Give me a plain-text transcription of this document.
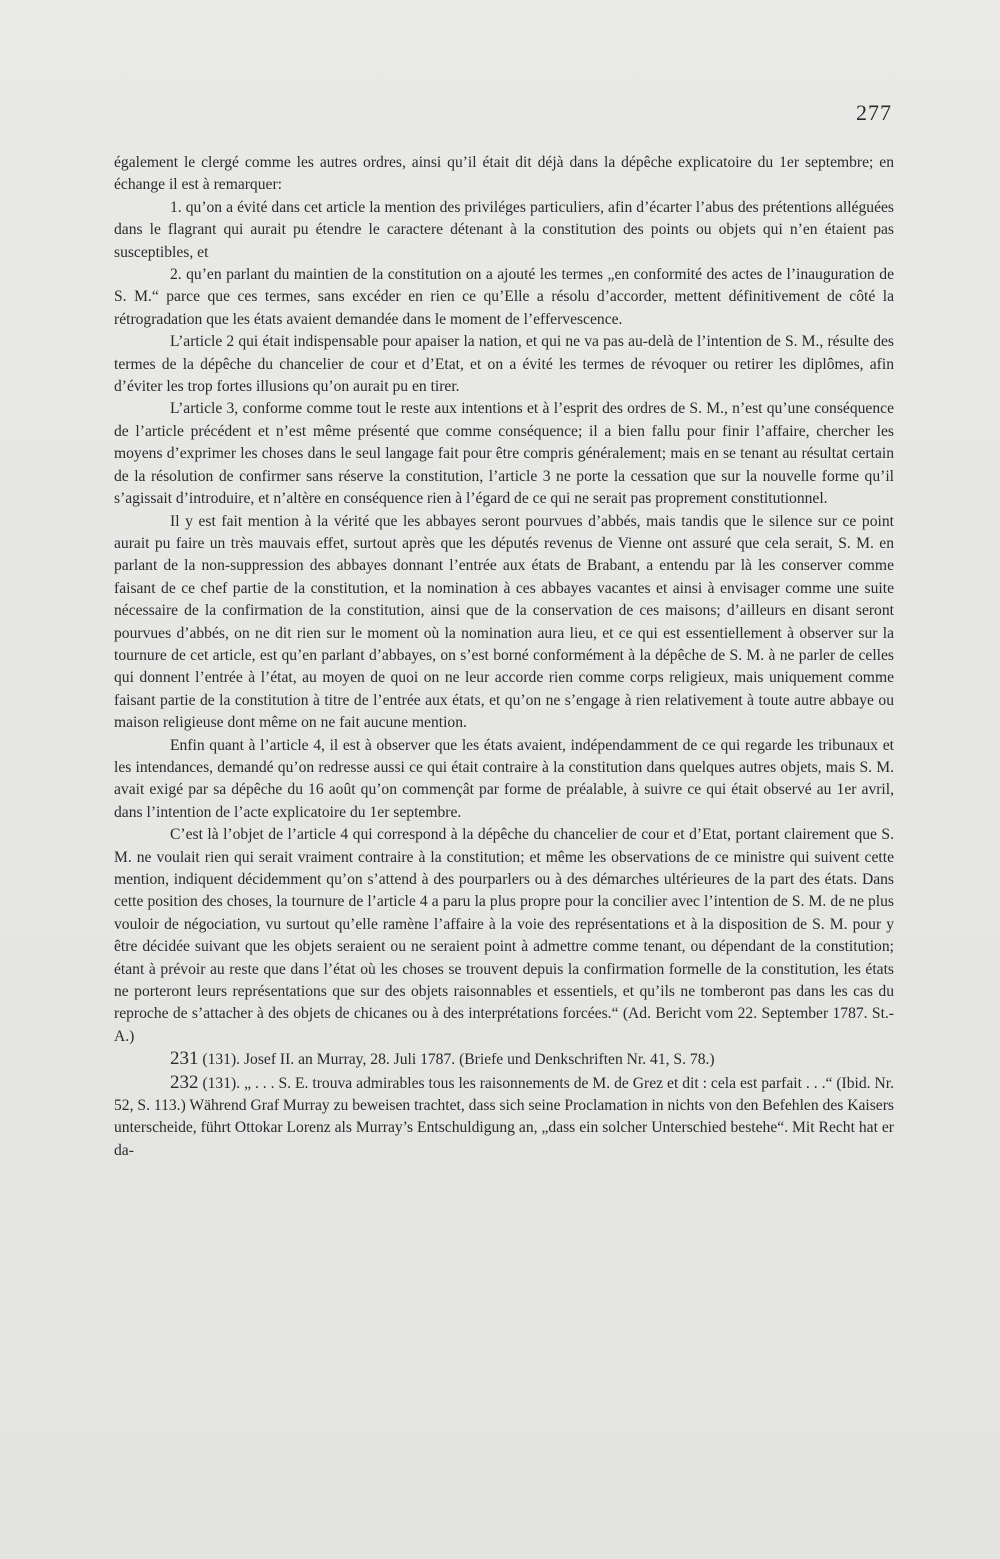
277

également le clergé comme les autres ordres, ainsi qu’il était dit déjà dans la dépêche explicatoire du 1er septembre; en échange il est à remarquer:

1. qu’on a évité dans cet article la mention des priviléges particuliers, afin d’écarter l’abus des prétentions alléguées dans le flagrant qui aurait pu étendre le caractere détenant à la constitution des points ou objets qui n’en étaient pas susceptibles, et

2. qu’en parlant du maintien de la constitution on a ajouté les termes „en conformité des actes de l’inauguration de S. M.“ parce que ces termes, sans excéder en rien ce qu’Elle a résolu d’accorder, mettent définitivement de côté la rétrogradation que les états avaient demandée dans le moment de l’effervescence.

L’article 2 qui était indispensable pour apaiser la nation, et qui ne va pas au-delà de l’intention de S. M., résulte des termes de la dépêche du chancelier de cour et d’Etat, et on a évité les termes de révoquer ou retirer les diplômes, afin d’éviter les trop fortes illusions qu’on aurait pu en tirer.

L’article 3, conforme comme tout le reste aux intentions et à l’esprit des ordres de S. M., n’est qu’une conséquence de l’article précédent et n’est même présenté que comme conséquence; il a bien fallu pour finir l’affaire, chercher les moyens d’exprimer les choses dans le seul langage fait pour être compris généralement; mais en se tenant au résultat certain de la résolution de confirmer sans réserve la constitution, l’article 3 ne porte la cessation que sur la nouvelle forme qu’il s’agissait d’introduire, et n’altère en conséquence rien à l’égard de ce qui ne serait pas proprement constitutionnel.

Il y est fait mention à la vérité que les abbayes seront pourvues d’abbés, mais tandis que le silence sur ce point aurait pu faire un très mauvais effet, surtout après que les députés revenus de Vienne ont assuré que cela serait, S. M. en parlant de la non-suppression des abbayes donnant l’entrée aux états de Brabant, a entendu par là les conserver comme faisant de ce chef partie de la constitution, et la nomination à ces abbayes vacantes et ainsi à envisager comme une suite nécessaire de la confirmation de la constitution, ainsi que de la conservation de ces maisons; d’ailleurs en disant seront pourvues d’abbés, on ne dit rien sur le moment où la nomination aura lieu, et ce qui est essentiellement à observer sur la tournure de cet article, est qu’en parlant d’abbayes, on s’est borné conformément à la dépêche de S. M. à ne parler de celles qui donnent l’entrée à l’état, au moyen de quoi on ne leur accorde rien comme corps religieux, mais uniquement comme faisant partie de la constitution à titre de l’entrée aux états, et qu’on ne s’engage à rien relativement à toute autre abbaye ou maison religieuse dont même on ne fait aucune mention.

Enfin quant à l’article 4, il est à observer que les états avaient, indépendamment de ce qui regarde les tribunaux et les intendances, demandé qu’on redresse aussi ce qui était contraire à la constitution dans quelques autres objets, mais S. M. avait exigé par sa dépêche du 16 août qu’on commençât par forme de préalable, à suivre ce qui était observé au 1er avril, dans l’intention de l’acte explicatoire du 1er septembre.

C’est là l’objet de l’article 4 qui correspond à la dépêche du chancelier de cour et d’Etat, portant clairement que S. M. ne voulait rien qui serait vraiment contraire à la constitution; et même les observations de ce ministre qui suivent cette mention, indiquent décidemment qu’on s’attend à des pourparlers ou à des démarches ultérieures de la part des états. Dans cette position des choses, la tournure de l’article 4 a paru la plus propre pour la concilier avec l’intention de S. M. de ne plus vouloir de négociation, vu surtout qu’elle ramène l’affaire à la voie des représentations et à la disposition de S. M. pour y être décidée suivant que les objets seraient ou ne seraient point à admettre comme tenant, ou dépendant de la constitution; étant à prévoir au reste que dans l’état où les choses se trouvent depuis la confirmation formelle de la constitution, les états ne porteront leurs représentations que sur des objets raisonnables et essentiels, et qu’ils ne tomberont pas dans les cas du reproche de s’attacher à des objets de chicanes ou à des interprétations forcées.“ (Ad. Bericht vom 22. September 1787. St.-A.)

231 (131). Josef II. an Murray, 28. Juli 1787. (Briefe und Denkschriften Nr. 41, S. 78.)

232 (131). „ . . . S. E. trouva admirables tous les raisonnements de M. de Grez et dit : cela est parfait . . .“ (Ibid. Nr. 52, S. 113.) Während Graf Murray zu beweisen trachtet, dass sich seine Proclamation in nichts von den Befehlen des Kaisers unterscheide, führt Ottokar Lorenz als Murray’s Entschuldigung an, „dass ein solcher Unterschied bestehe“. Mit Recht hat er da-
